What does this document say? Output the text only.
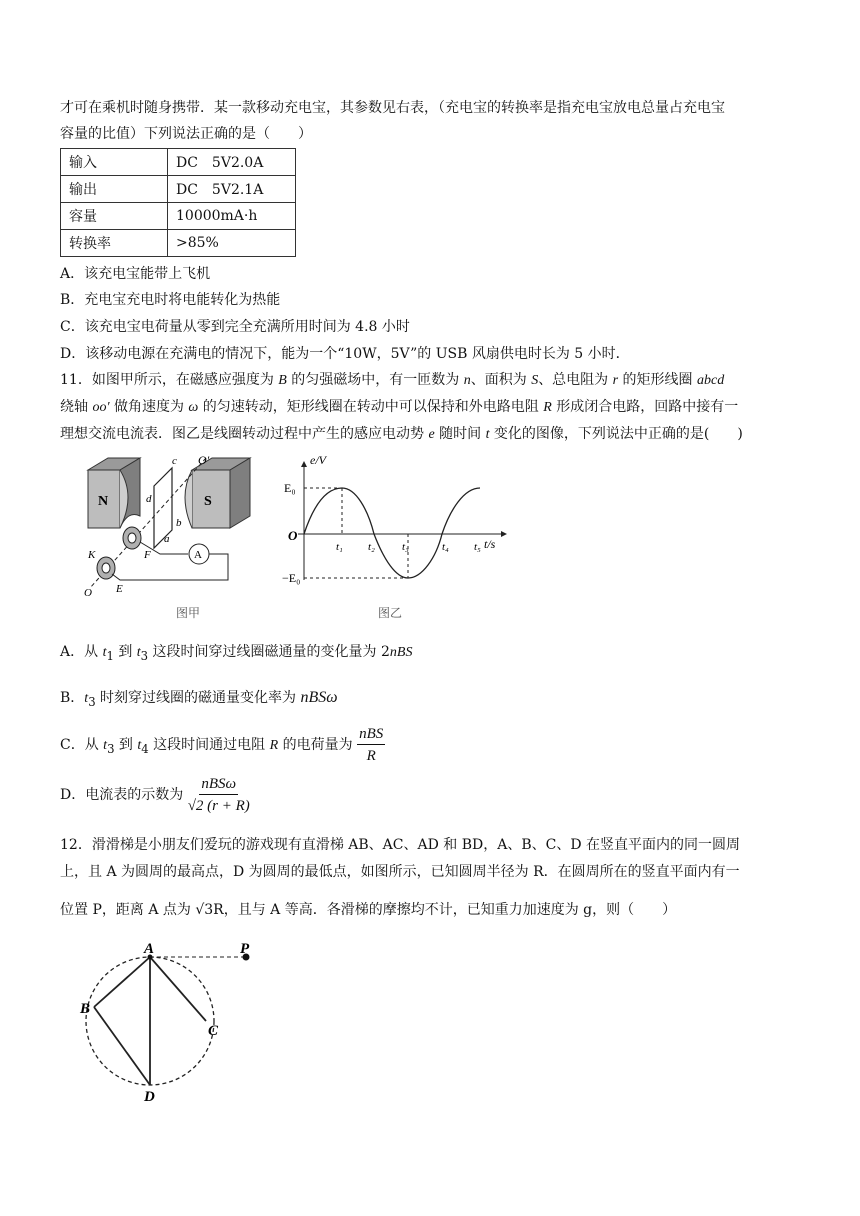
才可在乘机时随身携带．某一款移动充电宝，其参数见右表，（充电宝的转换率是指充电宝放电总量占充电宝
容量的比值）下列说法正确的是（　　）
输入	DC　5V2.0A
输出	DC　5V2.1A
容量	10000mA·h
转换率	>85%
A．该充电宝能带上飞机
B．充电宝充电时将电能转化为热能
C．该充电宝电荷量从零到完全充满所用时间为 4.8 小时
D．该移动电源在充满电的情况下，能为一个“10W，5V”的 USB 风扇供电时长为 5 小时．
11．如图甲所示，在磁感应强度为 B 的匀强磁场中，有一匝数为 n、面积为 S、总电阻为 r 的矩形线圈 abcd
绕轴 oo′ 做角速度为 ω 的匀速转动，矩形线圈在转动中可以保持和外电路电阻 R 形成闭合电路，回路中接有一
理想交流电流表．图乙是线圈转动过程中产生的感应电动势 e 随时间 t 变化的图像，下列说法中正确的是(　　)
N	S
c O′
d
b
a
F
K
E
O
A
图甲
e/V
t/s
O
E₀
−E₀
t₁ t₂ t₃	t₄ t₅
图乙
A．从 $t_1$ 到 $t_3$ 这段时间穿过线圈磁通量的变化量为 2nBS
B．$t_3$ 时刻穿过线圈的磁通量变化率为 nBSω
C．从 $t_3$ 到 $t_4$ 这段时间通过电阻 R 的电荷量为 $\frac{\text{nBS}}{R}$
D．电流表的示数为 $\frac{\text{nBSω}}{√2 (r + R)}$
12．滑滑梯是小朋友们爱玩的游戏现有直滑梯 AB、AC、AD 和 BD，A、B、C、D 在竖直平面内的同一圆周
上，且 A 为圆周的最高点，D 为圆周的最低点，如图所示，已知圆周半径为 R．在圆周所在的竖直平面内有一
位置 P，距离 A 点为 √3R，且与 A 等高．各滑梯的摩擦均不计，已知重力加速度为 g，则（　　）
A
B
C
D
P
